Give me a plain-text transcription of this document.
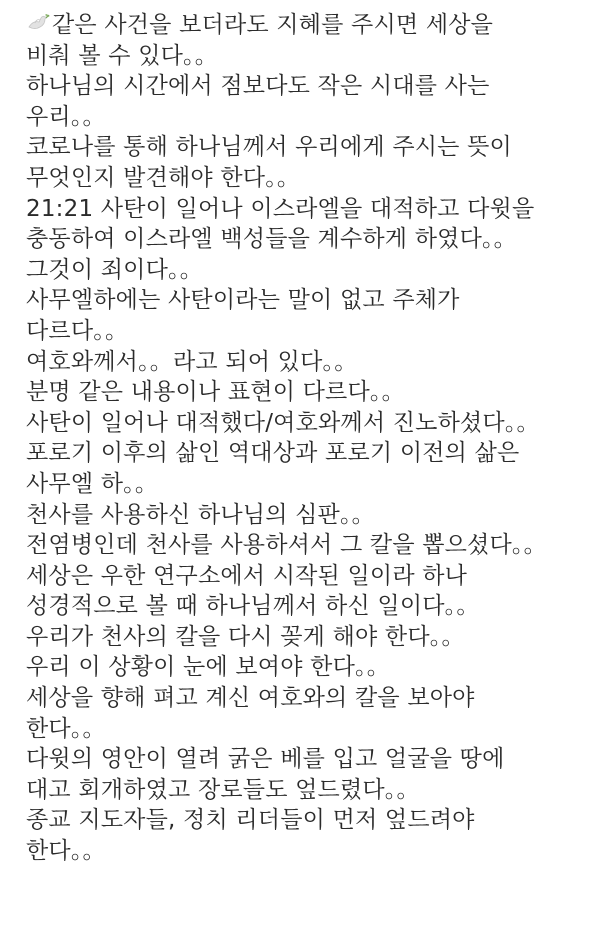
같은 사건을 보더라도 지혜를 주시면 세상을
비춰 볼 수 있다。。
하나님의 시간에서 점보다도 작은 시대를 사는
우리。。
코로나를 통해 하나님께서 우리에게 주시는 뜻이
무엇인지 발견해야 한다。。
21:21 사탄이 일어나 이스라엘을 대적하고 다윗을
충동하여 이스라엘 백성들을 계수하게 하였다。。
그것이 죄이다。。
사무엘하에는 사탄이라는 말이 없고 주체가
다르다。。
여호와께서。。라고 되어 있다。。
분명 같은 내용이나 표현이 다르다。。
사탄이 일어나 대적했다/여호와께서 진노하셨다。。
포로기 이후의 삶인 역대상과 포로기 이전의 삶은
사무엘 하。。
천사를 사용하신 하나님의 심판。。
전염병인데 천사를 사용하셔서 그 칼을 뽑으셨다。。
세상은 우한 연구소에서 시작된 일이라 하나
성경적으로 볼 때 하나님께서 하신 일이다。。
우리가 천사의 칼을 다시 꽂게 해야 한다。。
우리 이 상황이 눈에 보여야 한다。。
세상을 향해 펴고 계신 여호와의 칼을 보아야
한다。。
다윗의 영안이 열려 굵은 베를 입고 얼굴을 땅에
대고 회개하였고 장로들도 엎드렸다。。
종교 지도자들, 정치 리더들이 먼저 엎드려야
한다。。
